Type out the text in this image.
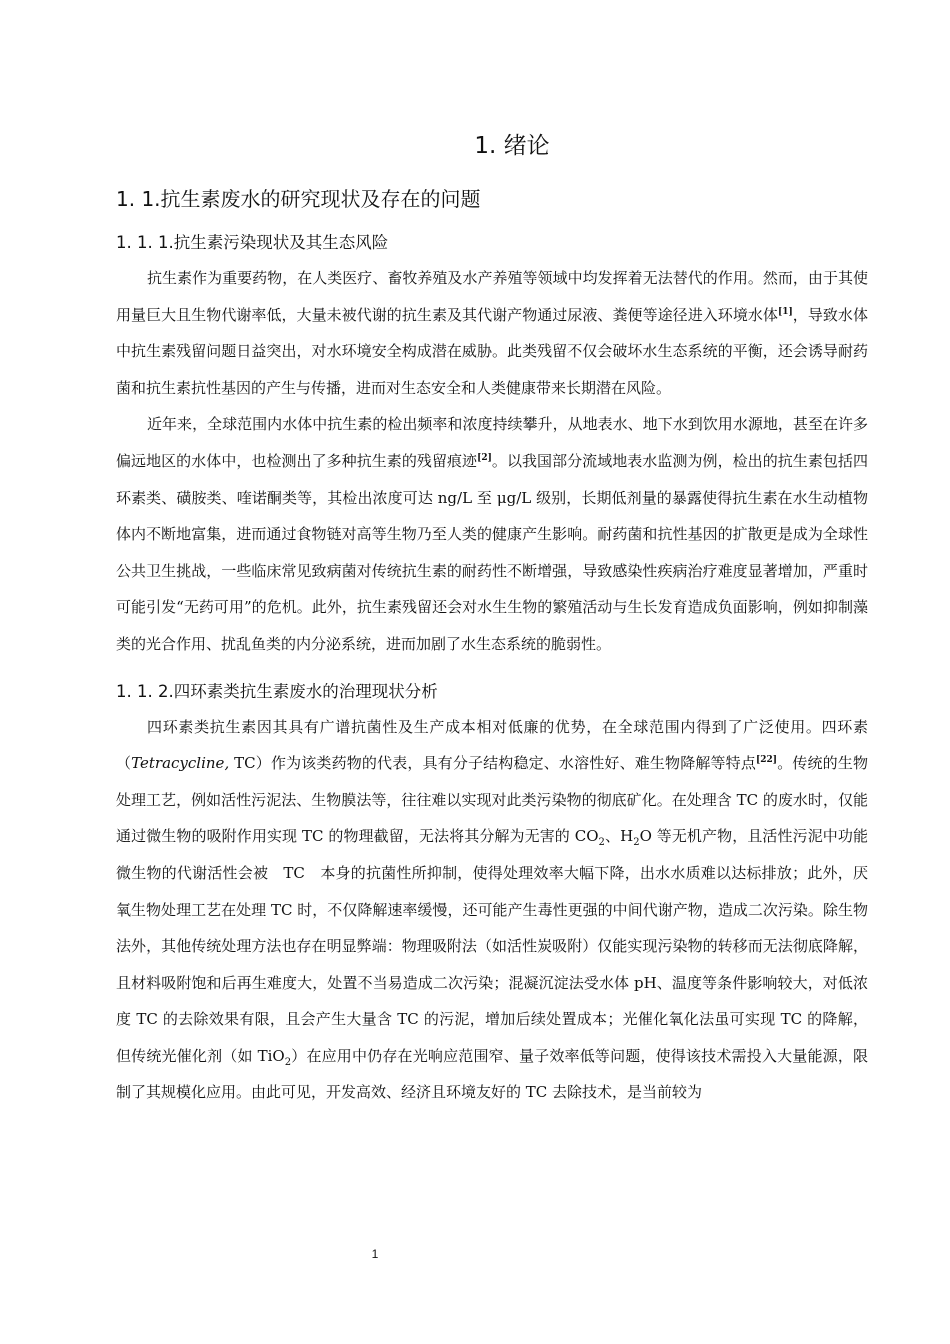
1. 绪论
1. 1.抗生素废水的研究现状及存在的问题
1. 1. 1.抗生素污染现状及其生态风险

抗生素作为重要药物，在人类医疗、畜牧养殖及水产养殖等领域中均发挥着无法替代的作用。然而，由于其使用量巨大且生物代谢率低，大量未被代谢的抗生素及其代谢产物通过尿液、粪便等途径进入环境水体[1]，导致水体中抗生素残留问题日益突出，对水环境安全构成潜在威胁。此类残留不仅会破坏水生态系统的平衡，还会诱导耐药菌和抗生素抗性基因的产生与传播，进而对生态安全和人类健康带来长期潜在风险。

近年来，全球范围内水体中抗生素的检出频率和浓度持续攀升，从地表水、地下水到饮用水源地，甚至在许多偏远地区的水体中，也检测出了多种抗生素的残留痕迹[2]。以我国部分流域地表水监测为例，检出的抗生素包括四环素类、磺胺类、喹诺酮类等，其检出浓度可达 ng/L 至 μg/L 级别，长期低剂量的暴露使得抗生素在水生动植物体内不断地富集，进而通过食物链对高等生物乃至人类的健康产生影响。耐药菌和抗性基因的扩散更是成为全球性公共卫生挑战，一些临床常见致病菌对传统抗生素的耐药性不断增强，导致感染性疾病治疗难度显著增加，严重时可能引发“无药可用”的危机。此外，抗生素残留还会对水生生物的繁殖活动与生长发育造成负面影响，例如抑制藻类的光合作用、扰乱鱼类的内分泌系统，进而加剧了水生态系统的脆弱性。

1. 1. 2.四环素类抗生素废水的治理现状分析

四环素类抗生素因其具有广谱抗菌性及生产成本相对低廉的优势，在全球范围内得到了广泛使用。四环素（Tetracycline, TC）作为该类药物的代表，具有分子结构稳定、水溶性好、难生物降解等特点[22]。传统的生物处理工艺，例如活性污泥法、生物膜法等，往往难以实现对此类污染物的彻底矿化。在处理含 TC 的废水时，仅能通过微生物的吸附作用实现 TC 的物理截留，无法将其分解为无害的 $CO_2$、$H_2O$ 等无机产物，且活性污泥中功能微生物的代谢活性会被　TC　本身的抗菌性所抑制，使得处理效率大幅下降，出水水质难以达标排放；此外，厌氧生物处理工艺在处理 TC 时，不仅降解速率缓慢，还可能产生毒性更强的中间代谢产物，造成二次污染。除生物法外，其他传统处理方法也存在明显弊端：物理吸附法（如活性炭吸附）仅能实现污染物的转移而无法彻底降解，且材料吸附饱和后再生难度大，处置不当易造成二次污染；混凝沉淀法受水体 pH、温度等条件影响较大，对低浓度 TC 的去除效果有限，且会产生大量含 TC 的污泥，增加后续处置成本；光催化氧化法虽可实现 TC 的降解，但传统光催化剂（如 TiO$_2$）在应用中仍存在光响应范围窄、量子效率低等问题，使得该技术需投入大量能源，限制了其规模化应用。由此可见，开发高效、经济且环境友好的 TC 去除技术，是当前较为

1
